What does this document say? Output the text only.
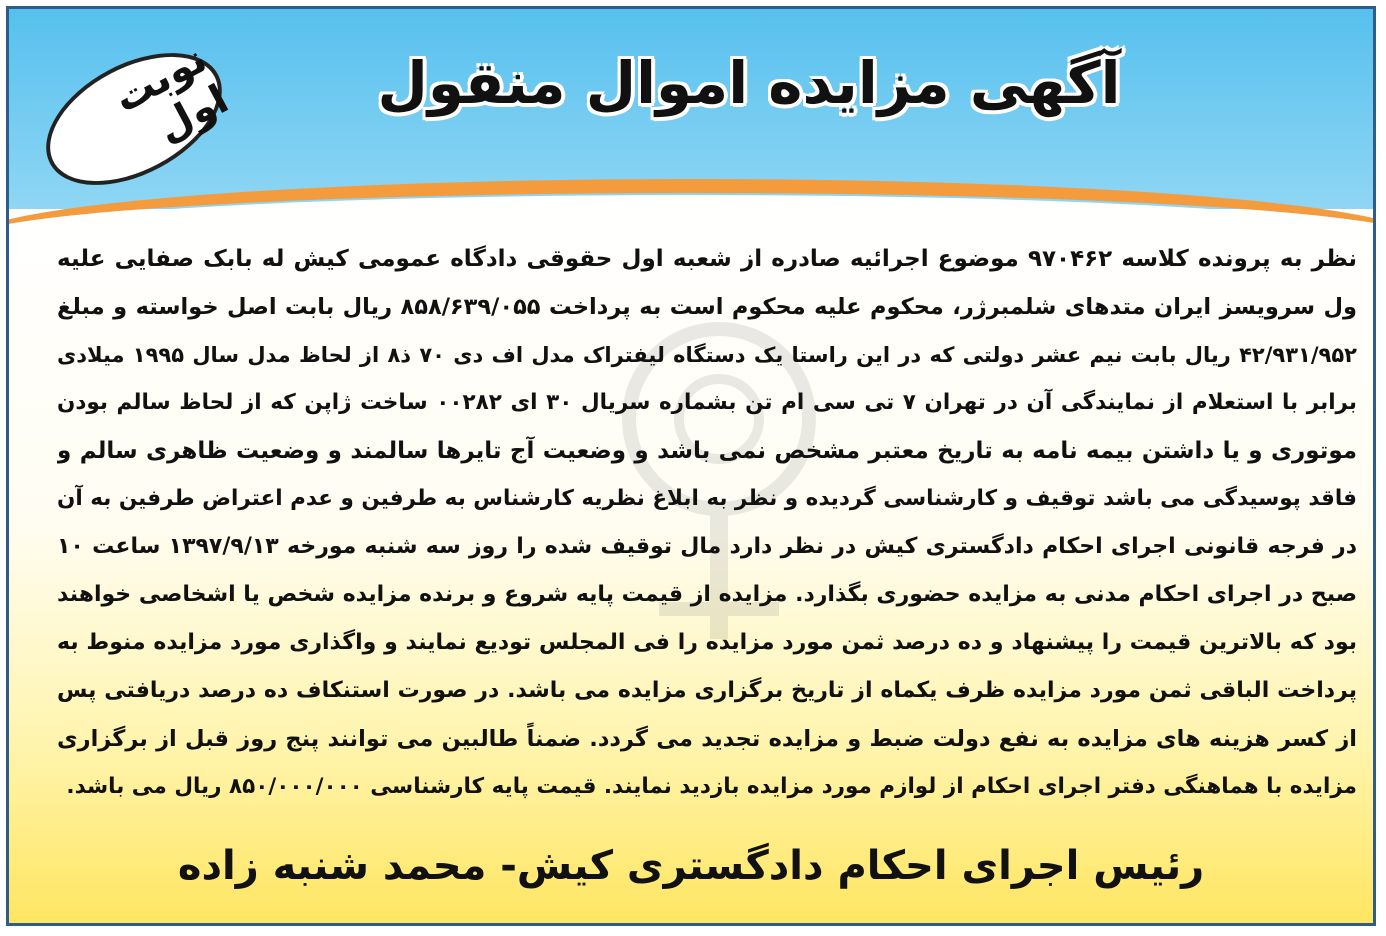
نوبت اول	آگهی مزایده اموال منقول
نظر به پرونده کلاسه ۹۷۰۴۶۲ موضوع اجرائیه صادره از شعبه اول حقوقی دادگاه عمومی کیش له بابک صفایی علیه
ول سرویسز ایران متدهای شلمبرژر، محکوم علیه محکوم است به پرداخت ۸۵۸/۶۳۹/۰۵۵ ریال بابت اصل خواسته و مبلغ
۴۲/۹۳۱/۹۵۲ ریال بابت نیم عشر دولتی که در این راستا یک دستگاه لیفتراک مدل اف دی ۷۰ ذ۸ از لحاظ مدل سال ۱۹۹۵ میلادی
برابر با استعلام از نمایندگی آن در تهران ۷ تی سی ام تن بشماره سریال ۳۰ ای ۰۰۲۸۲ ساخت ژاپن که از لحاظ سالم بودن
موتوری و یا داشتن بیمه نامه به تاریخ معتبر مشخص نمی باشد و وضعیت آج تایرها سالمند و وضعیت ظاهری سالم و
فاقد پوسیدگی می باشد توقیف و کارشناسی گردیده و نظر به ابلاغ نظریه کارشناس به طرفین و عدم اعتراض طرفین به آن
در فرجه قانونی اجرای احکام دادگستری کیش در نظر دارد مال توقیف شده را روز سه شنبه مورخه ۱۳۹۷/۹/۱۳ ساعت ۱۰
صبح در اجرای احکام مدنی به مزایده حضوری بگذارد. مزایده از قیمت پایه شروع و برنده مزایده شخص یا اشخاصی خواهند
بود که بالاترین قیمت را پیشنهاد و ده درصد ثمن مورد مزایده را فی المجلس تودیع نمایند و واگذاری مورد مزایده منوط به
پرداخت الباقی ثمن مورد مزایده ظرف یکماه از تاریخ برگزاری مزایده می باشد. در صورت استنکاف ده درصد دریافتی پس
از کسر هزینه های مزایده به نفع دولت ضبط و مزایده تجدید می گردد. ضمناً طالبین می توانند پنج روز قبل از برگزاری
مزایده با هماهنگی دفتر اجرای احکام از لوازم مورد مزایده بازدید نمایند. قیمت پایه کارشناسی ۸۵۰/۰۰۰/۰۰۰ ریال می باشد.
رئیس اجرای احکام دادگستری کیش- محمد شنبه زاده
